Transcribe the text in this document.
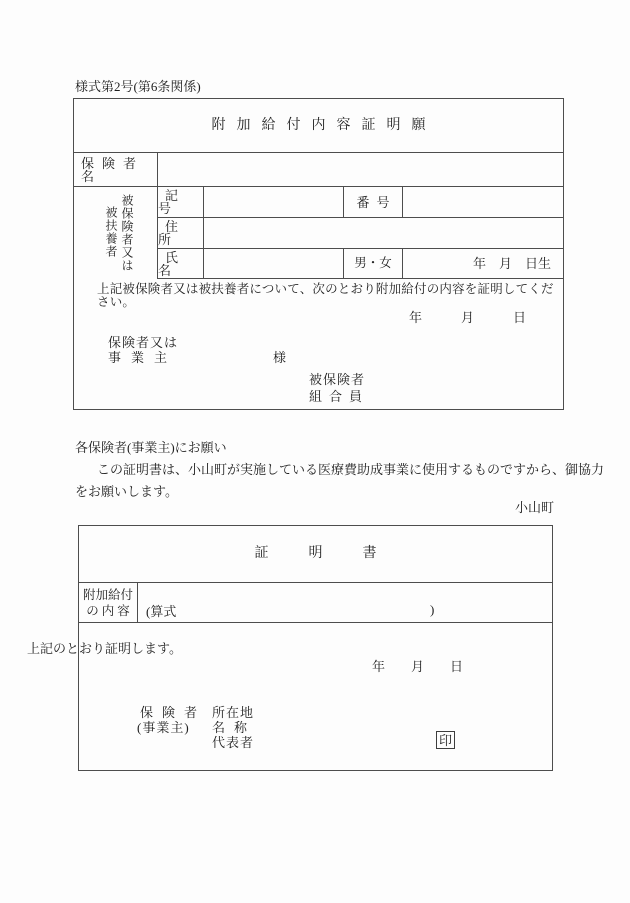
様式第2号(第6条関係)
附加給付内容証明願
保険者名
被保険者又は
被扶養者
記号	番号
住所
氏名	男・女	年　月　日生
上記被保険者又は被扶養者について、次のとおり附加給付の内容を証明してください。
年　　　月　　　日
保険者又は
事業主	様
被保険者
組合員
各保険者(事業主)にお願い
この証明書は、小山町が実施している医療費助成事業に使用するものですから、御協力
をお願いします。
小山町
証明書
附加給付
の内容 (算式	)
上記のとおり証明します。
年　　月　　日
保険者
(事業主)
所在地
名称
代表者	印
